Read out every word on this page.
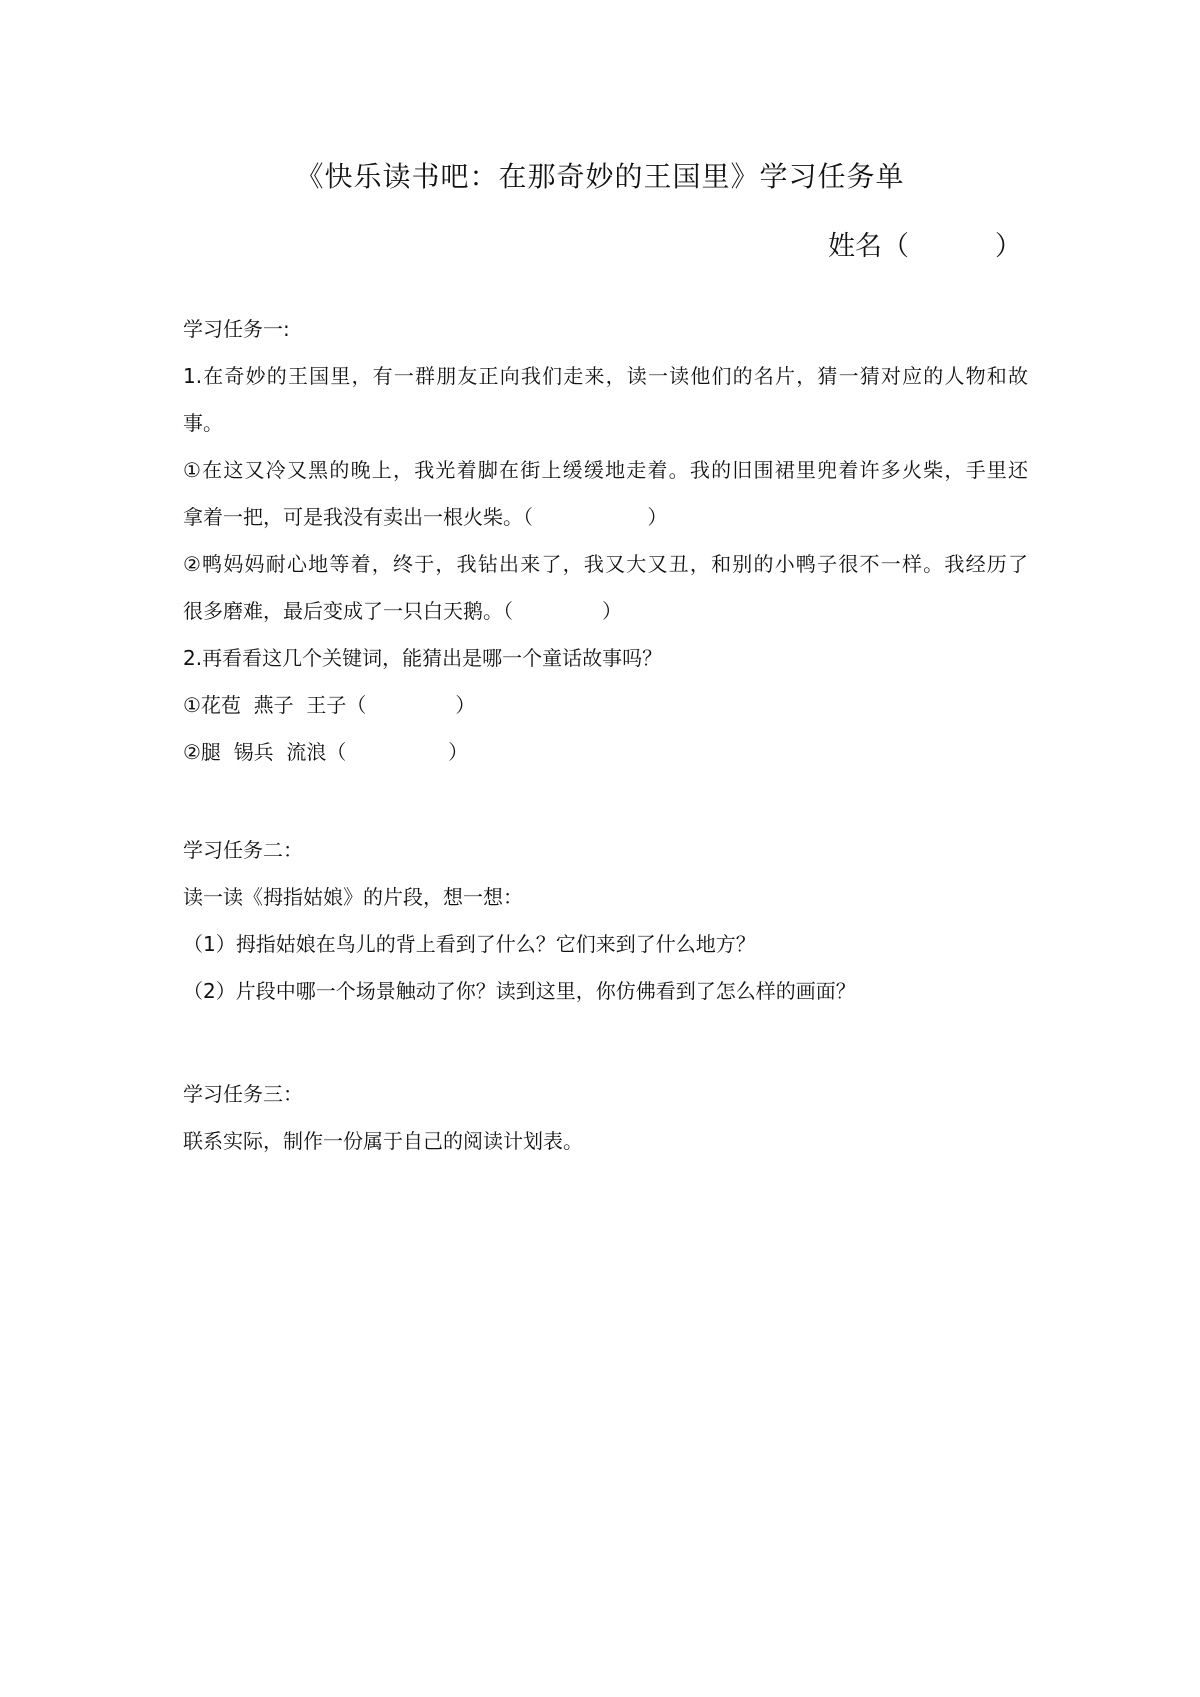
《快乐读书吧：在那奇妙的王国里》学习任务单
姓名（          ）
学习任务一:
1.在奇妙的王国里，有一群朋友正向我们走来，读一读他们的名片，猜一猜对应的人物和故
事。
①在这又冷又黑的晚上，我光着脚在街上缓缓地走着。我的旧围裙里兜着许多火柴，手里还
拿着一把，可是我没有卖出一根火柴。（                  ）
②鸭妈妈耐心地等着，终于，我钻出来了，我又大又丑，和别的小鸭子很不一样。我经历了
很多磨难，最后变成了一只白天鹅。（              ）
2.再看看这几个关键词，能猜出是哪一个童话故事吗？
①花苞  燕子  王子（              ）
②腿  锡兵  流浪（                ）
学习任务二：
读一读《拇指姑娘》的片段，想一想：
（1）拇指姑娘在鸟儿的背上看到了什么？它们来到了什么地方？
（2）片段中哪一个场景触动了你？读到这里，你仿佛看到了怎么样的画面？
学习任务三：
联系实际，制作一份属于自己的阅读计划表。
